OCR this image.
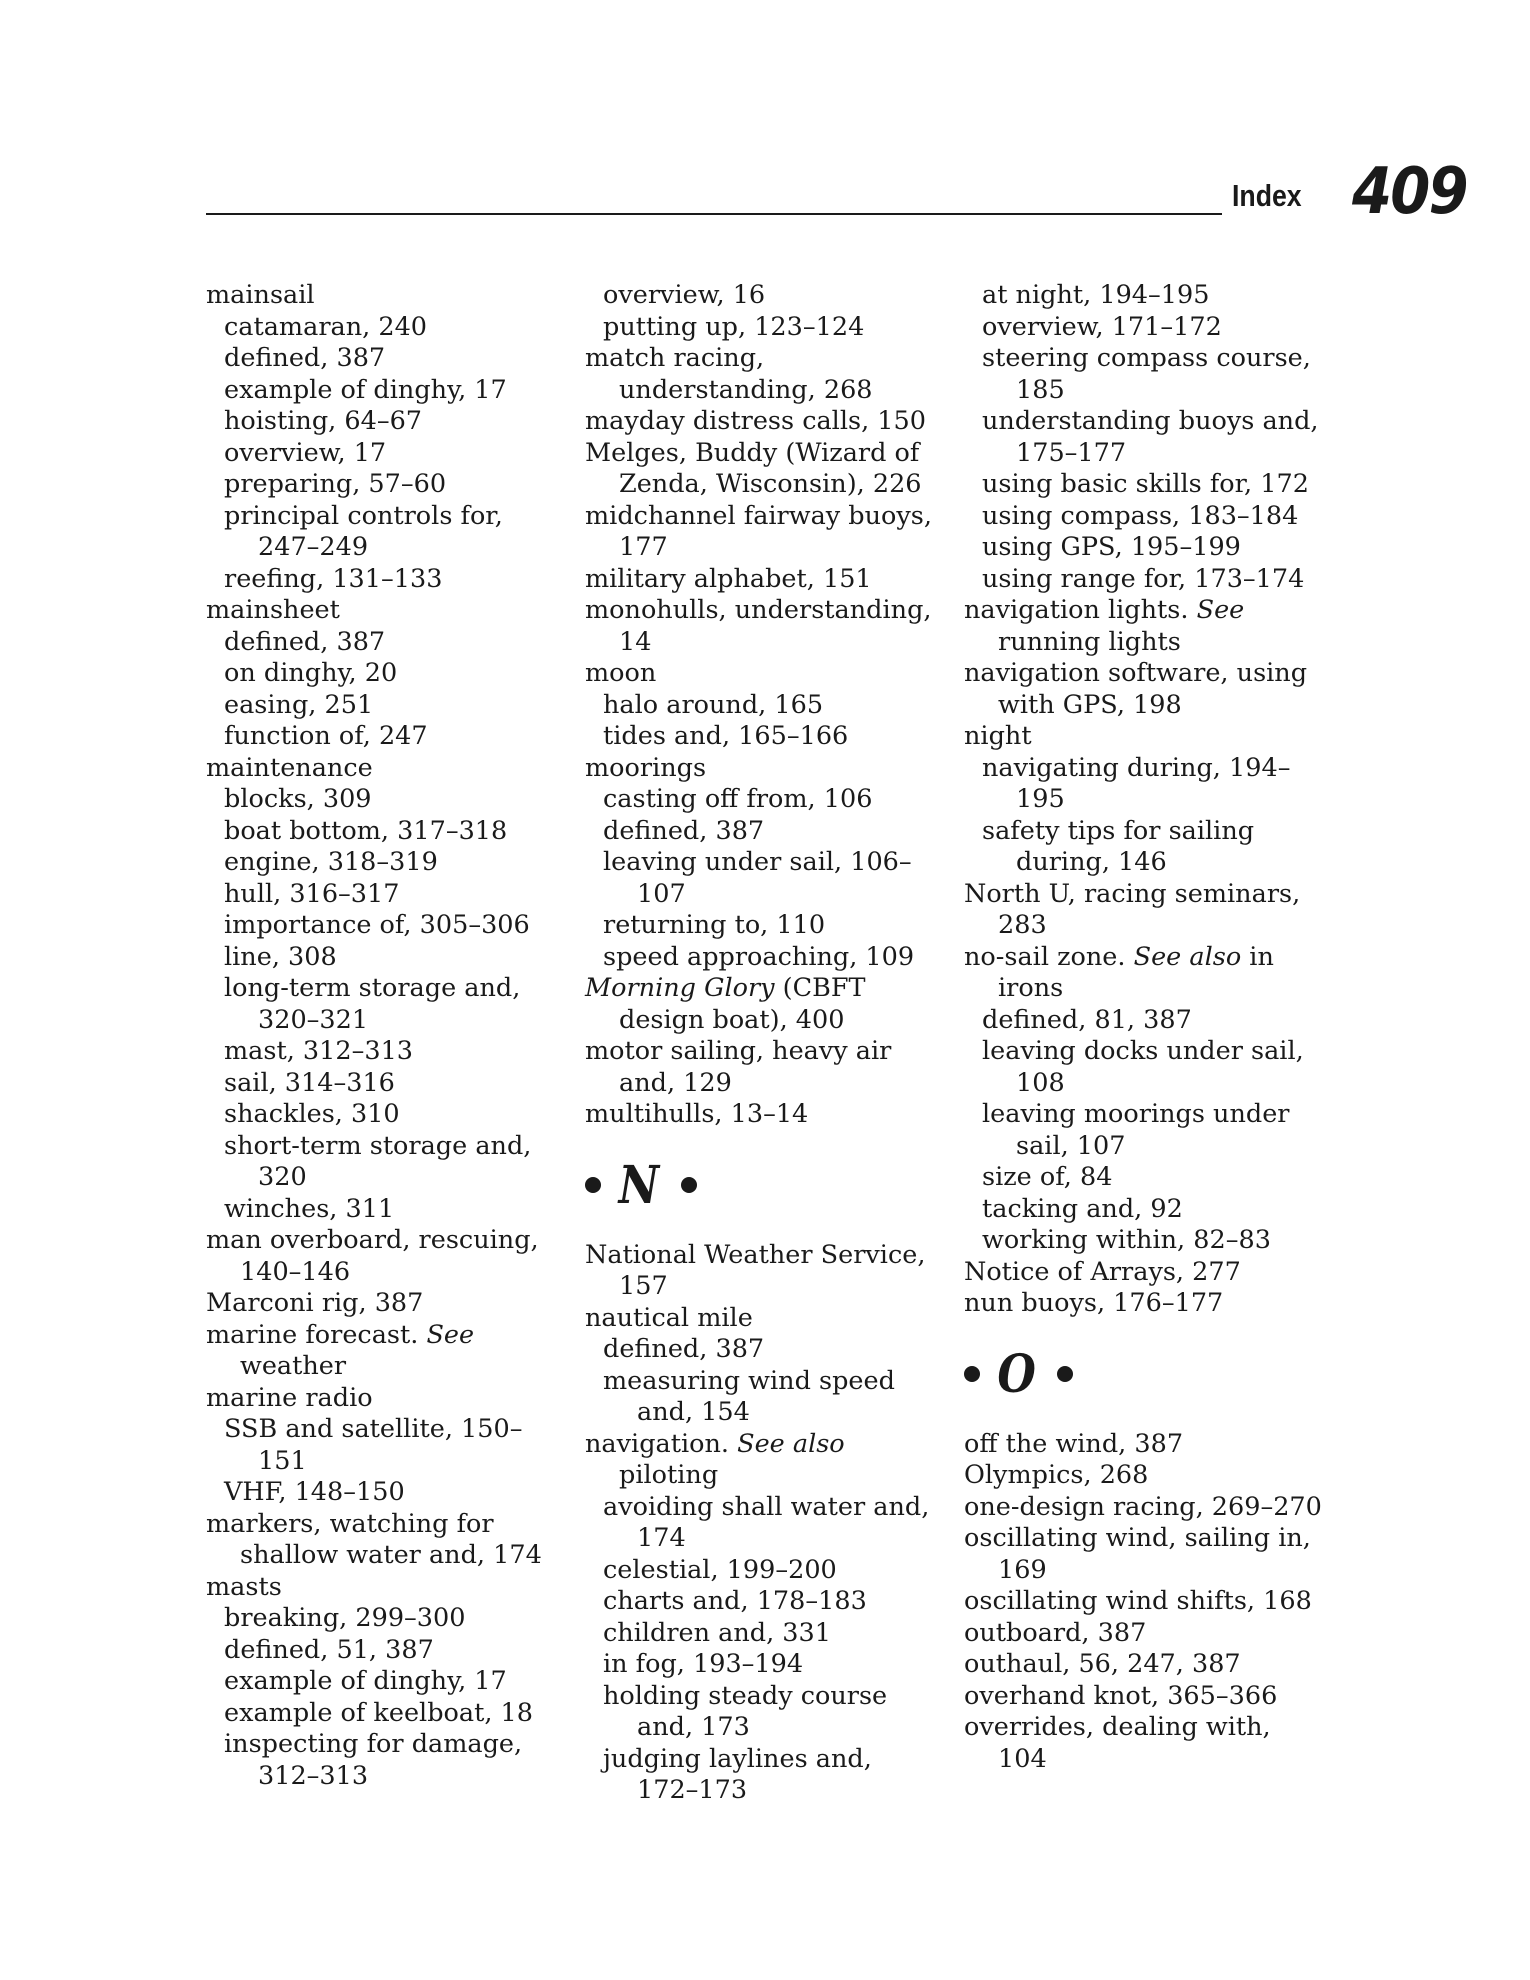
Index 409
mainsail
catamaran, 240
defined, 387
example of dinghy, 17
hoisting, 64–67
overview, 17
preparing, 57–60
principal controls for, 247–249
reefing, 131–133
mainsheet
defined, 387
on dinghy, 20
easing, 251
function of, 247
maintenance
blocks, 309
boat bottom, 317–318
engine, 318–319
hull, 316–317
importance of, 305–306
line, 308
long-term storage and, 320–321
mast, 312–313
sail, 314–316
shackles, 310
short-term storage and, 320
winches, 311
man overboard, rescuing, 140–146
Marconi rig, 387
marine forecast. See weather
marine radio
SSB and satellite, 150–151
VHF, 148–150
markers, watching for shallow water and, 174
masts
breaking, 299–300
defined, 51, 387
example of dinghy, 17
example of keelboat, 18
inspecting for damage, 312–313
overview, 16
putting up, 123–124
match racing, understanding, 268
mayday distress calls, 150
Melges, Buddy (Wizard of Zenda, Wisconsin), 226
midchannel fairway buoys, 177
military alphabet, 151
monohulls, understanding, 14
moon
halo around, 165
tides and, 165–166
moorings
casting off from, 106
defined, 387
leaving under sail, 106–107
returning to, 110
speed approaching, 109
Morning Glory (CBFT design boat), 400
motor sailing, heavy air and, 129
multihulls, 13–14
N
National Weather Service, 157
nautical mile
defined, 387
measuring wind speed and, 154
navigation. See also piloting
avoiding shall water and, 174
celestial, 199–200
charts and, 178–183
children and, 331
in fog, 193–194
holding steady course and, 173
judging laylines and, 172–173
at night, 194–195
overview, 171–172
steering compass course, 185
understanding buoys and, 175–177
using basic skills for, 172
using compass, 183–184
using GPS, 195–199
using range for, 173–174
navigation lights. See running lights
navigation software, using with GPS, 198
night
navigating during, 194–195
safety tips for sailing during, 146
North U, racing seminars, 283
no-sail zone. See also in irons
defined, 81, 387
leaving docks under sail, 108
leaving moorings under sail, 107
size of, 84
tacking and, 92
working within, 82–83
Notice of Arrays, 277
nun buoys, 176–177
O
off the wind, 387
Olympics, 268
one-design racing, 269–270
oscillating wind, sailing in, 169
oscillating wind shifts, 168
outboard, 387
outhaul, 56, 247, 387
overhand knot, 365–366
overrides, dealing with, 104
